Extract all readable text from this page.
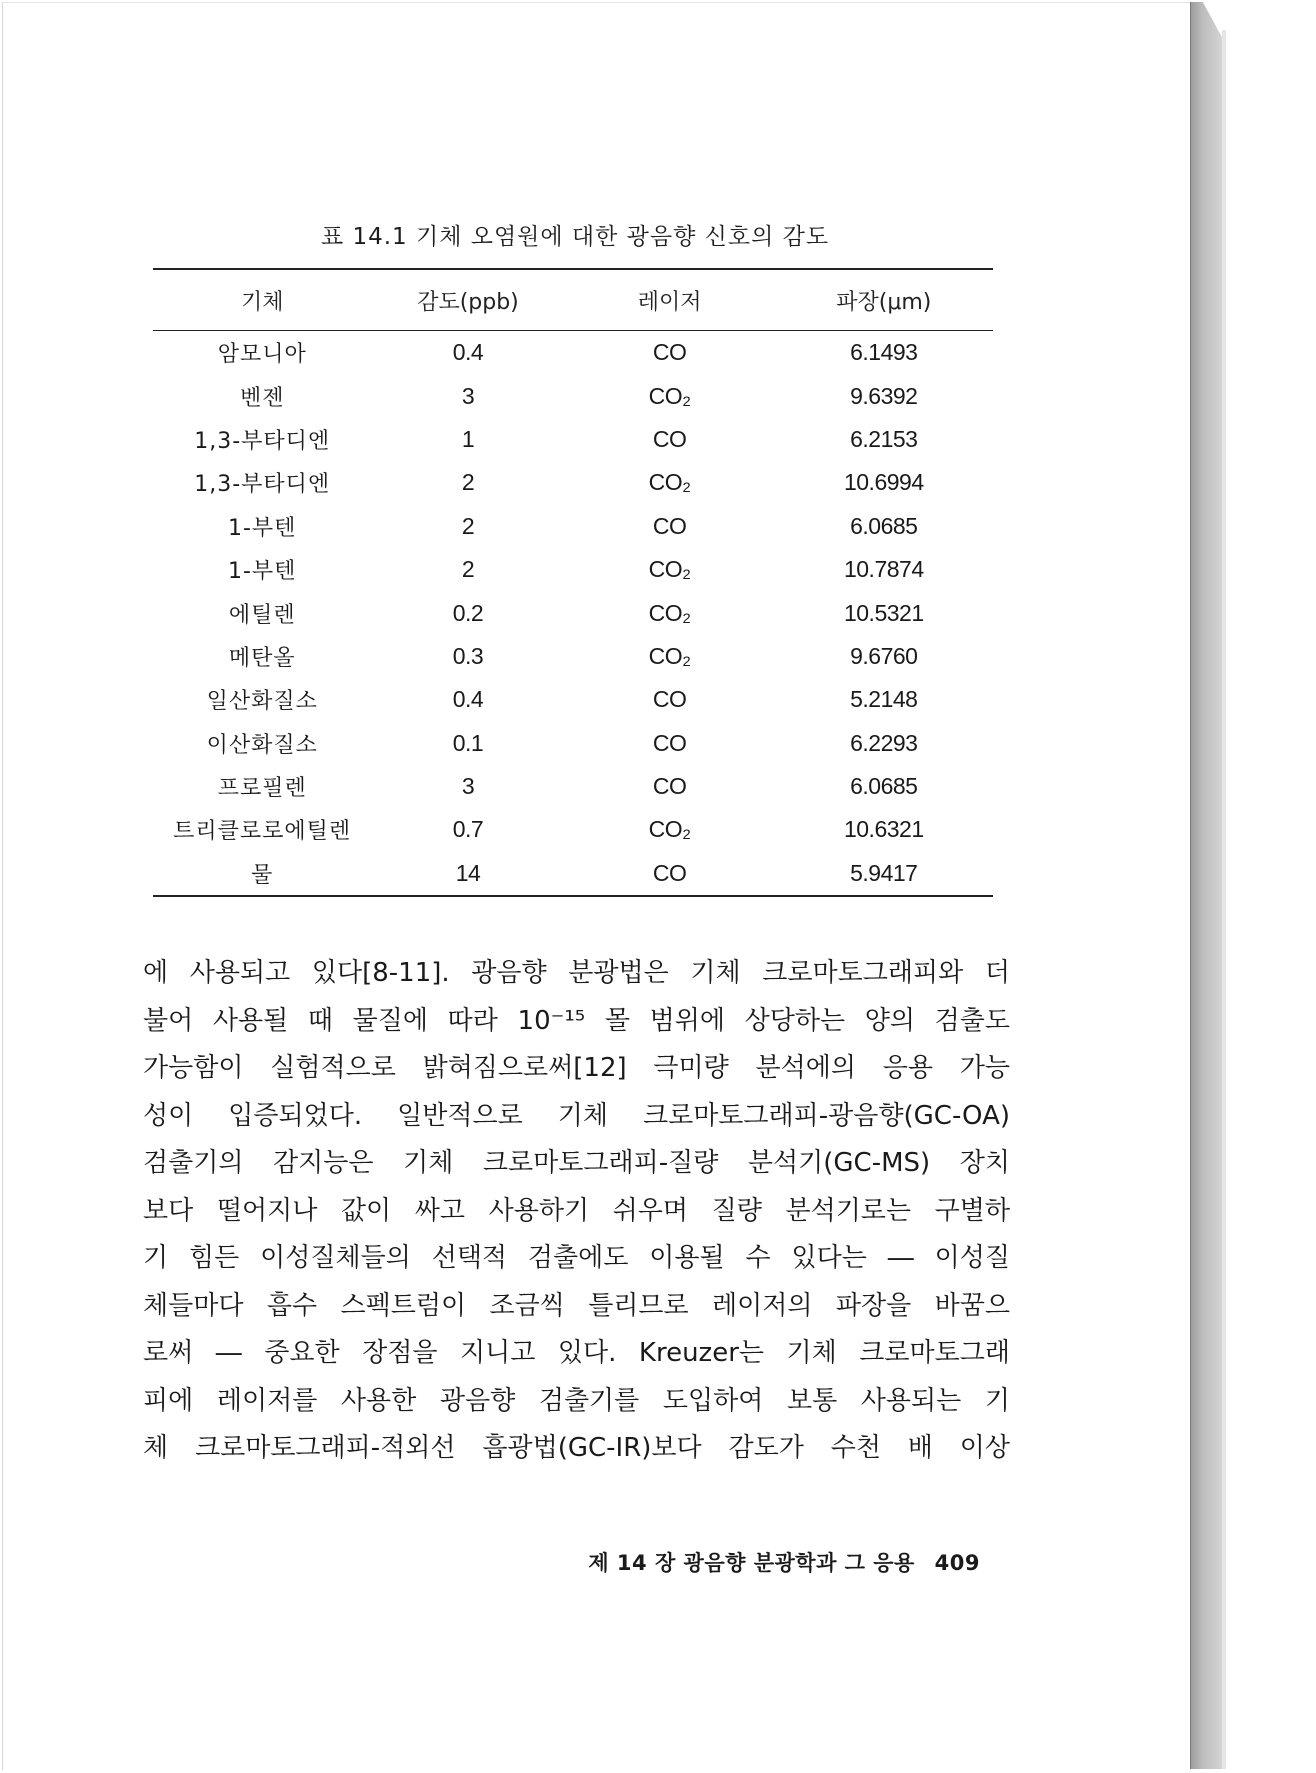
표 14.1 기체 오염원에 대한 광음향 신호의 감도
기체	감도(ppb)	레이저	파장(μm)
암모니아	0.4	CO	6.1493
벤젠	3	CO₂	9.6392
1,3-부타디엔	1	CO	6.2153
1,3-부타디엔	2	CO₂	10.6994
1-부텐	2	CO	6.0685
1-부텐	2	CO₂	10.7874
에틸렌	0.2	CO₂	10.5321
메탄올	0.3	CO₂	9.6760
일산화질소	0.4	CO	5.2148
이산화질소	0.1	CO	6.2293
프로필렌	3	CO	6.0685
트리클로로에틸렌	0.7	CO₂	10.6321
물	14	CO	5.9417
에 사용되고 있다[8-11]. 광음향 분광법은 기체 크로마토그래피와 더
불어 사용될 때 물질에 따라 10⁻¹⁵ 몰 범위에 상당하는 양의 검출도
가능함이 실험적으로 밝혀짐으로써[12] 극미량 분석에의 응용 가능
성이 입증되었다. 일반적으로 기체 크로마토그래피-광음향(GC-OA)
검출기의 감지능은 기체 크로마토그래피-질량 분석기(GC-MS) 장치
보다 떨어지나 값이 싸고 사용하기 쉬우며 질량 분석기로는 구별하
기 힘든 이성질체들의 선택적 검출에도 이용될 수 있다는 ― 이성질
체들마다 흡수 스펙트럼이 조금씩 틀리므로 레이저의 파장을 바꿈으
로써 ― 중요한 장점을 지니고 있다. Kreuzer는 기체 크로마토그래
피에 레이저를 사용한 광음향 검출기를 도입하여 보통 사용되는 기
체 크로마토그래피-적외선 흡광법(GC-IR)보다 감도가 수천 배 이상
제 14 장 광음향 분광학과 그 응용 409
